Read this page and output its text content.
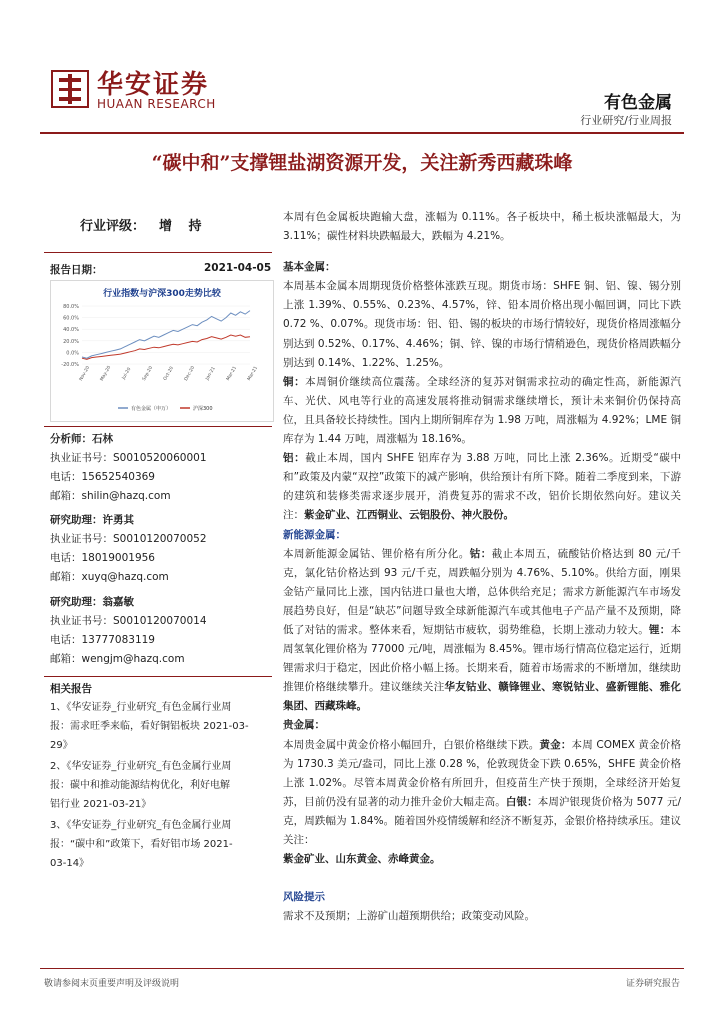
华安证券
HUAAN RESEARCH	有色金属
行业研究/行业周报
“碳中和”支撑锂盐湖资源开发，关注新秀西藏珠峰
行业评级： 增 持
报告日期：	2021-04-05
行业指数与沪深300走势比较
80.0%
60.0%
40.0%
20.0%
0.0%
-20.0%
Nov-20 May-20	Jul-20 Sep-20 Oct-20 Dec-20	Jan-21 Mar-21 Mar-21
有色金属（申万）	沪深300
分析师：石林
执业证书号：S0010520060001
电话：15652540369
邮箱：shilin@hazq.com
研究助理：许勇其
执业证书号：S0010120070052
电话：18019001956
邮箱：xuyq@hazq.com
研究助理：翁嘉敏
执业证书号：S0010120070014
电话：13777083119
邮箱：wengjm@hazq.com
相关报告
1、《华安证券_行业研究_有色金属行业周
报：需求旺季来临，看好铜铝板块 2021-03-
29》
2、《华安证券_行业研究_有色金属行业周
报：碳中和推动能源结构优化，利好电解
铝行业 2021-03-21》
3、《华安证券_行业研究_有色金属行业周
报：“碳中和”政策下，看好铝市场 2021-
03-14》

本周有色金属板块跑输大盘，涨幅为 0.11%。各子板块中，稀土板块涨幅最大，为 3.11%；碳性材料块跌幅最大，跌幅为 4.21%。

基本金属：

本周基本金属本周期现货价格整体涨跌互现。期货市场：SHFE 铜、铝、镍、锡分别上涨 1.39%、0.55%、0.23%、4.57%，锌、铅本周价格出现小幅回调，同比下跌 0.72 %、0.07%。现货市场：铝、铅、锡的板块的市场行情较好，现货价格周涨幅分别达到 0.52%、0.17%、4.46%；铜、锌、镍的市场行情稍逊色，现货价格周跌幅分别达到 0.14%、1.22%、1.25%。

铜：本周铜价继续高位震荡。全球经济的复苏对铜需求拉动的确定性高，新能源汽车、光伏、风电等行业的高速发展将推动铜需求继续增长，预计未来铜价仍保持高位，且具备较长持续性。国内上期所铜库存为 1.98 万吨，周涨幅为 4.92%；LME 铜库存为 1.44 万吨，周涨幅为 18.16%。

铝：截止本周，国内 SHFE 铝库存为 3.88 万吨，同比上涨 2.36%。近期受“碳中和”政策及内蒙“双控”政策下的减产影响，供给预计有所下降。随着二季度到来，下游的建筑和装修类需求逐步展开，消费复苏的需求不改，铝价长期依然向好。建议关注：紫金矿业、江西铜业、云铝股份、神火股份。

新能源金属：

本周新能源金属钴、锂价格有所分化。钴：截止本周五，硫酸钴价格达到 80 元/千克，氯化钴价格达到 93 元/千克，周跌幅分别为 4.76%、5.10%。供给方面，刚果金钴产量同比上涨，国内钴进口量也大增，总体供给充足；需求方新能源汽车市场发展趋势良好，但是“缺芯”问题导致全球新能源汽车或其他电子产品产量不及预期，降低了对钴的需求。整体来看，短期钴市疲软，弱势维稳，长期上涨动力较大。锂：本周氢氧化锂价格为 77000 元/吨，周涨幅为 8.45%。锂市场行情高位稳定运行，近期锂需求归于稳定，因此价格小幅上扬。长期来看，随着市场需求的不断增加，继续助推锂价格继续攀升。建议继续关注华友钴业、赣锋锂业、寒锐钴业、盛新锂能、雅化集团、西藏珠峰。

贵金属：

本周贵金属中黄金价格小幅回升，白银价格继续下跌。黄金：本周 COMEX 黄金价格为 1730.3 美元/盎司，同比上涨 0.28 %，伦敦现货金下跌 0.65%，SHFE 黄金价格上涨 1.02%。尽管本周黄金价格有所回升，但疫苗生产快于预期，全球经济开始复苏，目前仍没有显著的动力推升金价大幅走高。白银：本周沪银现货价格为 5077 元/克，周跌幅为 1.84%。随着国外疫情缓解和经济不断复苏，金银价格持续承压。建议关注：

紫金矿业、山东黄金、赤峰黄金。

风险提示

需求不及预期；上游矿山超预期供给；政策变动风险。

敬请参阅末页重要声明及评级说明	证券研究报告
